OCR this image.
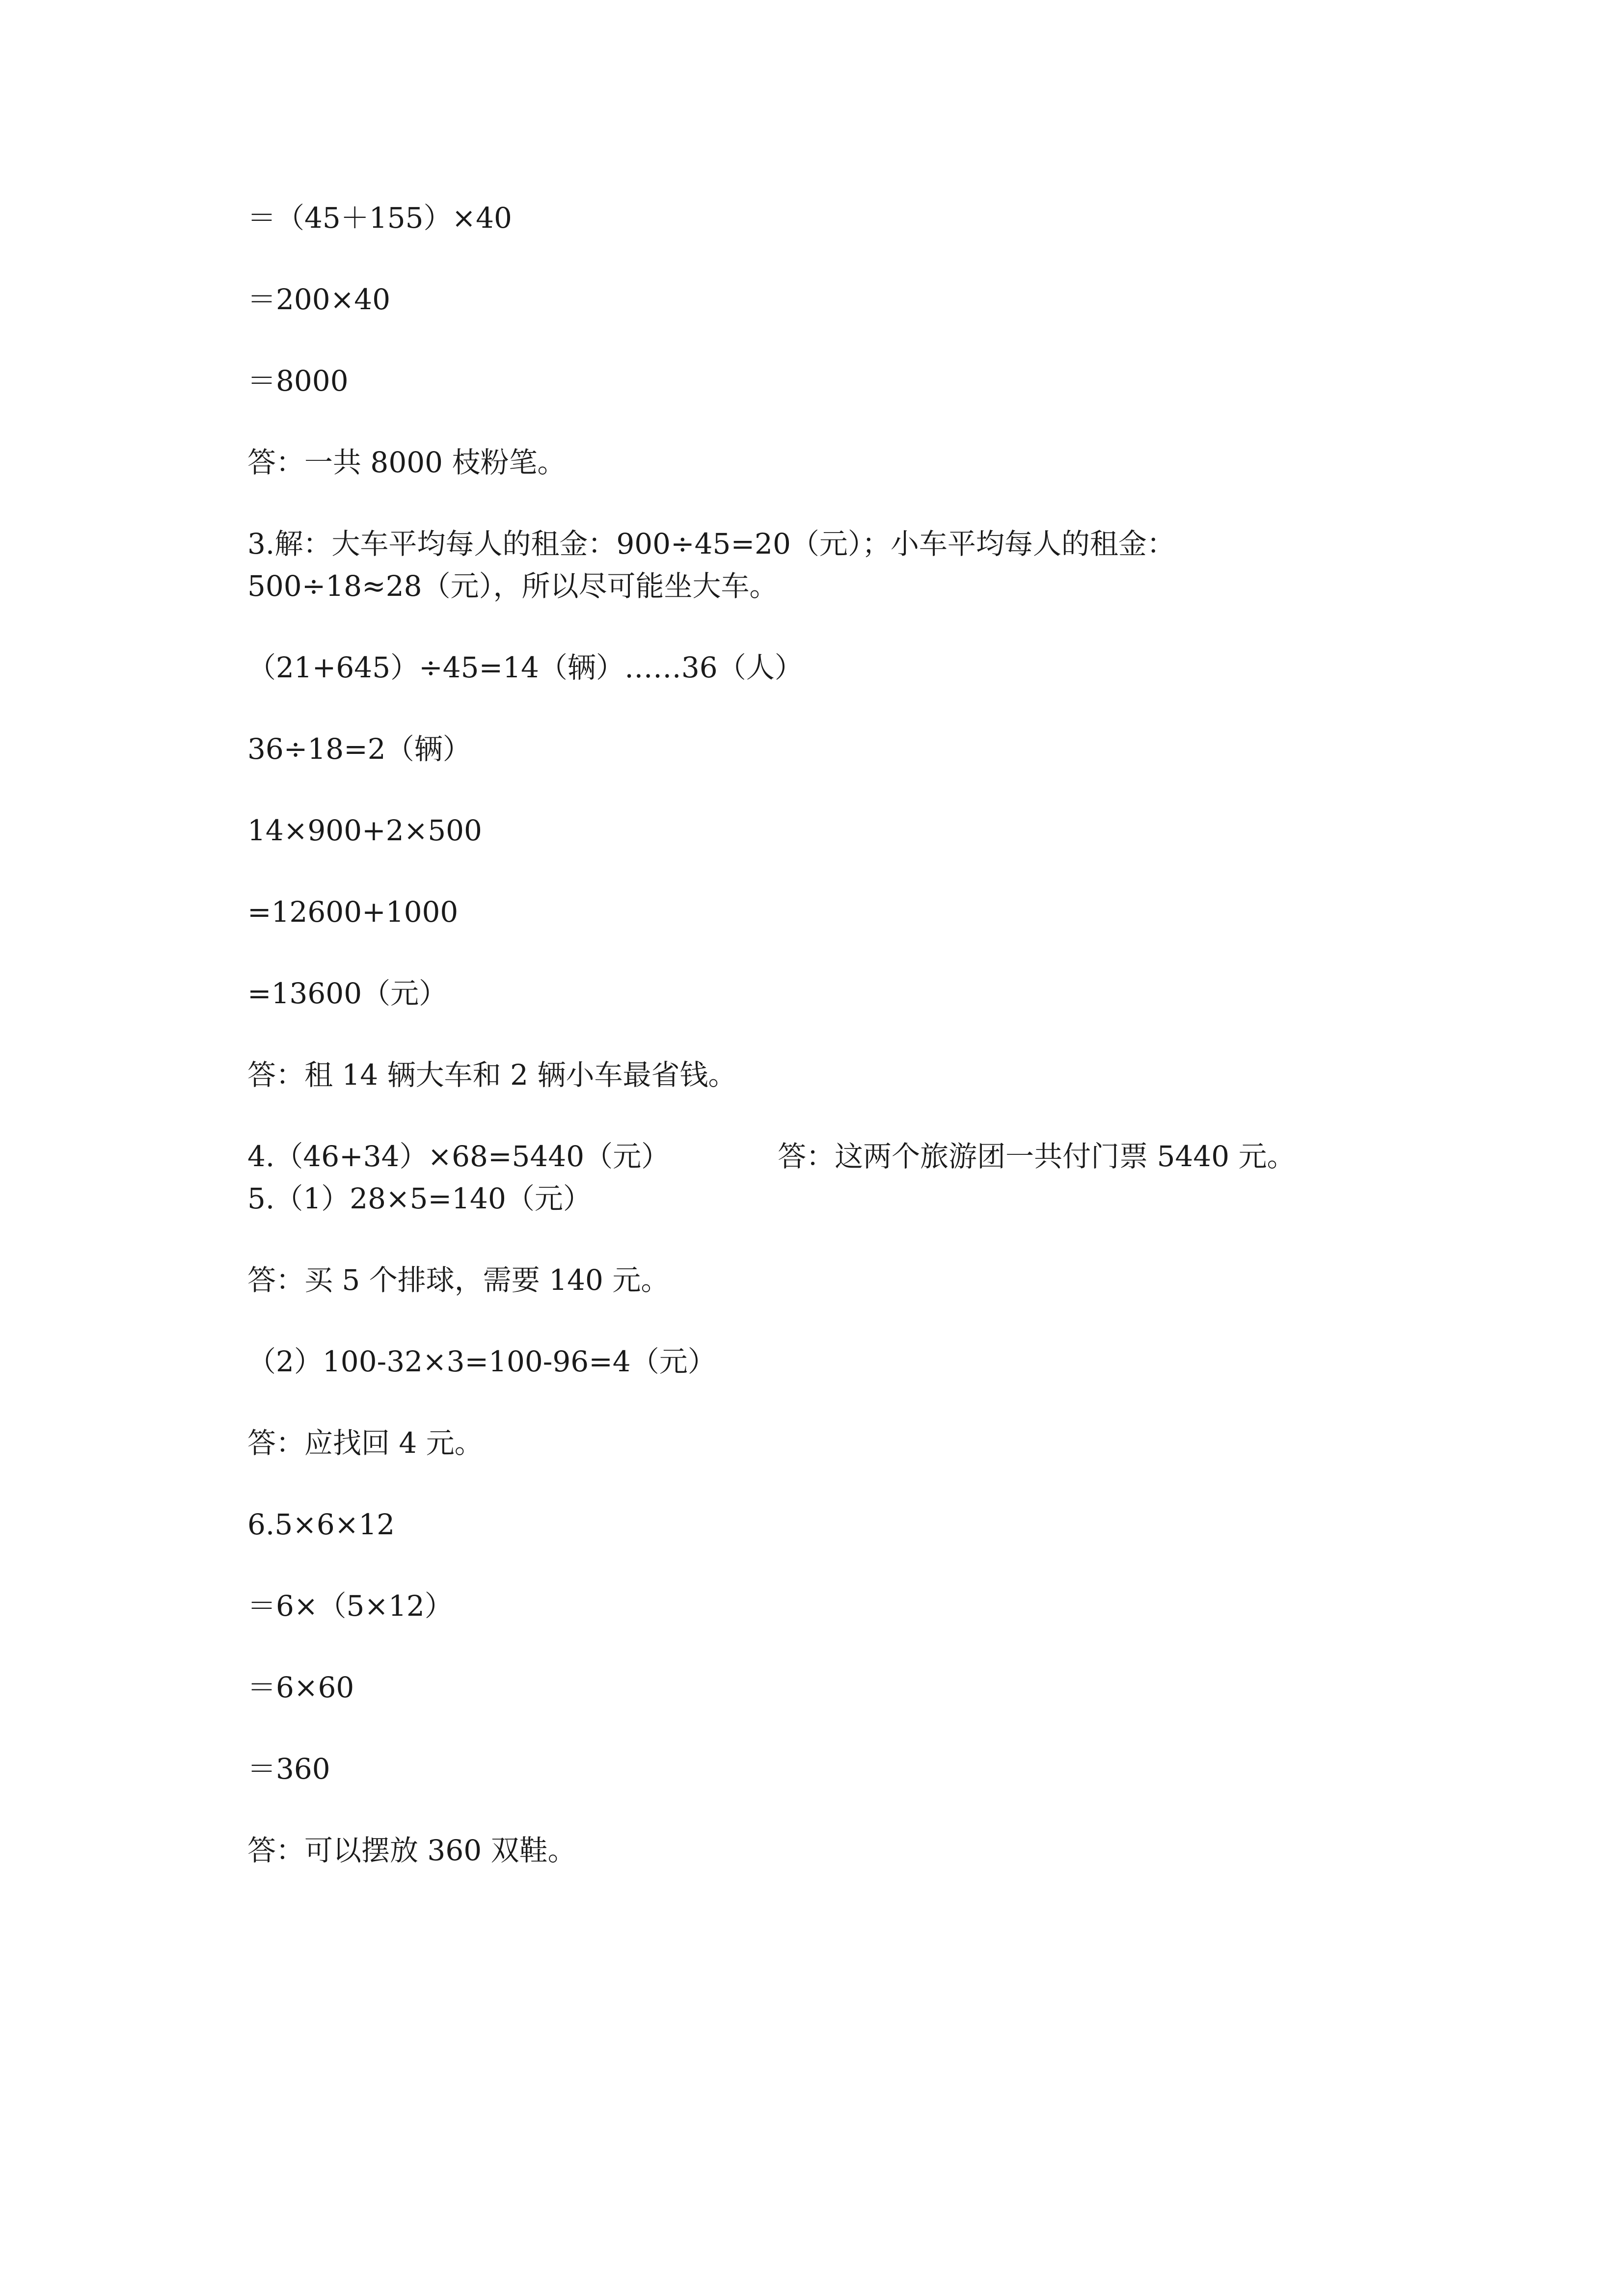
＝（45＋155）×40

＝200×40

＝8000

答：一共 8000 枝粉笔。

3.解：大车平均每人的租金：900÷45=20（元）；小车平均每人的租金：

500÷18≈28（元），所以尽可能坐大车。

（21+645）÷45=14（辆）……36（人）

36÷18=2（辆）

14×900+2×500

=12600+1000

=13600（元）

答：租 14 辆大车和 2 辆小车最省钱。

4.（46+34）×68=5440（元）	答：这两个旅游团一共付门票 5440 元。

5.（1）28×5=140（元）

答：买 5 个排球，需要 140 元。

（2）100-32×3=100-96=4（元）

答：应找回 4 元。

6.5×6×12

＝6×（5×12）

＝6×60

＝360

答：可以摆放 360 双鞋。
